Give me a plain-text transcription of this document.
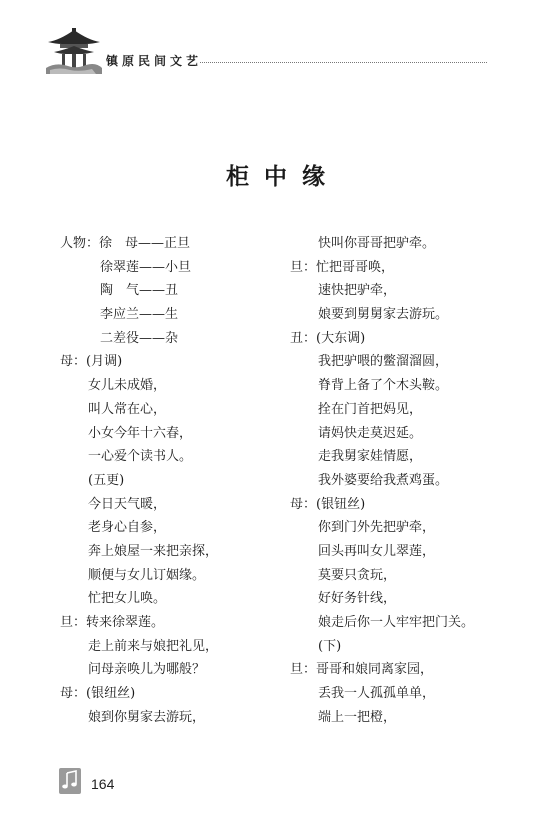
镇原民间文艺
柜中缘
人物：徐　母——正旦
徐翠莲——小旦
陶　气——丑
李应兰——生
二差役——杂
母：(月调)
女儿未成婚，
叫人常在心，
小女今年十六春，
一心爱个读书人。
(五更)
今日天气暖，
老身心自参，
奔上娘屋一来把亲探，
顺便与女儿订姻缘。
忙把女儿唤。
旦：转来徐翠莲。
走上前来与娘把礼见，
问母亲唤儿为哪般？
母：(银纽丝)
娘到你舅家去游玩，
快叫你哥哥把驴牵。
旦：忙把哥哥唤，
速快把驴牵，
娘要到舅舅家去游玩。
丑：(大东调)
我把驴喂的鳖溜溜圆，
脊背上备了个木头鞍。
拴在门首把妈见，
请妈快走莫迟延。
走我舅家娃情愿，
我外婆要给我煮鸡蛋。
母：(银钮丝)
你到门外先把驴牵，
回头再叫女儿翠莲，
莫要只贪玩，
好好务针线，
娘走后你一人牢牢把门关。
(下)
旦：哥哥和娘同离家园，
丢我一人孤孤单单，
端上一把橙，
164
